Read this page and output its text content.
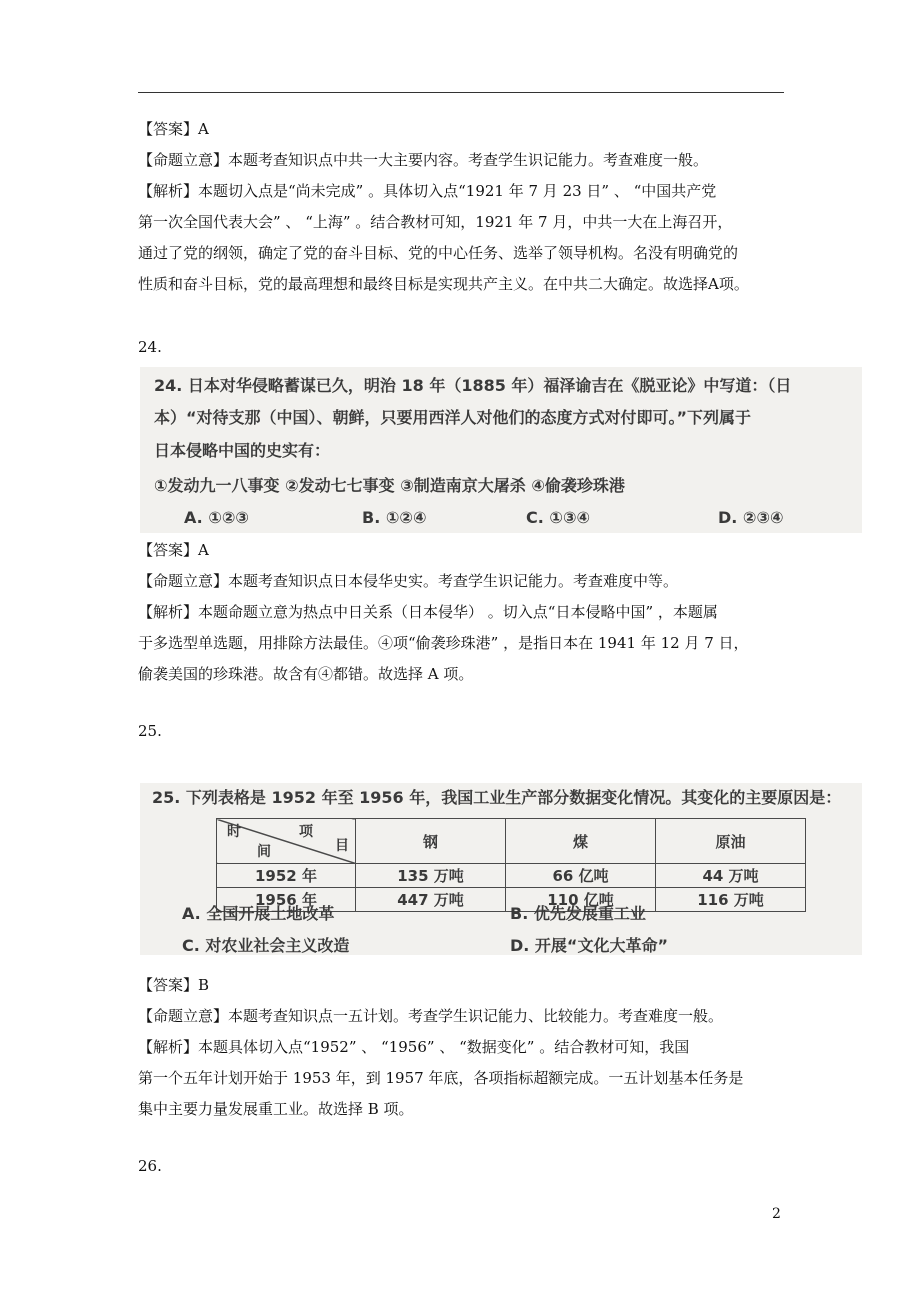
【答案】A

【命题立意】本题考查知识点中共一大主要内容。考查学生识记能力。考查难度一般。

【解析】本题切入点是“尚未完成” 。具体切入点“1921 年 7 月 23 日” 、 “中国共产党

第一次全国代表大会” 、 “上海” 。结合教材可知，1921 年 7 月，中共一大在上海召开，

通过了党的纲领，确定了党的奋斗目标、党的中心任务、选举了领导机构。名没有明确党的

性质和奋斗目标，党的最高理想和最终目标是实现共产主义。在中共二大确定。故选择A项。

24.

24. 日本对华侵略蓄谋已久，明治 18 年（1885 年）福泽谕吉在《脱亚论》中写道：（日

本）“对待支那（中国）、朝鲜，只要用西洋人对他们的态度方式对付即可。”下列属于

日本侵略中国的史实有：

①发动九一八事变 ②发动七七事变 ③制造南京大屠杀 ④偷袭珍珠港

A. ①②③	B. ①②④	C. ①③④	D. ②③④

【答案】A

【命题立意】本题考查知识点日本侵华史实。考查学生识记能力。考查难度中等。

【解析】本题命题立意为热点中日关系（日本侵华） 。切入点“日本侵略中国” ，本题属

于多选型单选题，用排除方法最佳。④项“偷袭珍珠港” ，是指日本在 1941 年 12 月 7 日，

偷袭美国的珍珠港。故含有④都错。故选择 A 项。

25.

25. 下列表格是 1952 年至 1956 年，我国工业生产部分数据变化情况。其变化的主要原因是：

时 项
目
间	钢	煤	原油
1952 年	135 万吨	66 亿吨	44 万吨
1956 年	447 万吨	110 亿吨	116 万吨

A. 全国开展土地改革	B. 优先发展重工业

C. 对农业社会主义改造	D. 开展“文化大革命”

【答案】B

【命题立意】本题考查知识点一五计划。考查学生识记能力、比较能力。考查难度一般。

【解析】本题具体切入点“1952” 、 “1956” 、 “数据变化” 。结合教材可知，我国

第一个五年计划开始于 1953 年，到 1957 年底，各项指标超额完成。一五计划基本任务是

集中主要力量发展重工业。故选择 B 项。

26.
2
